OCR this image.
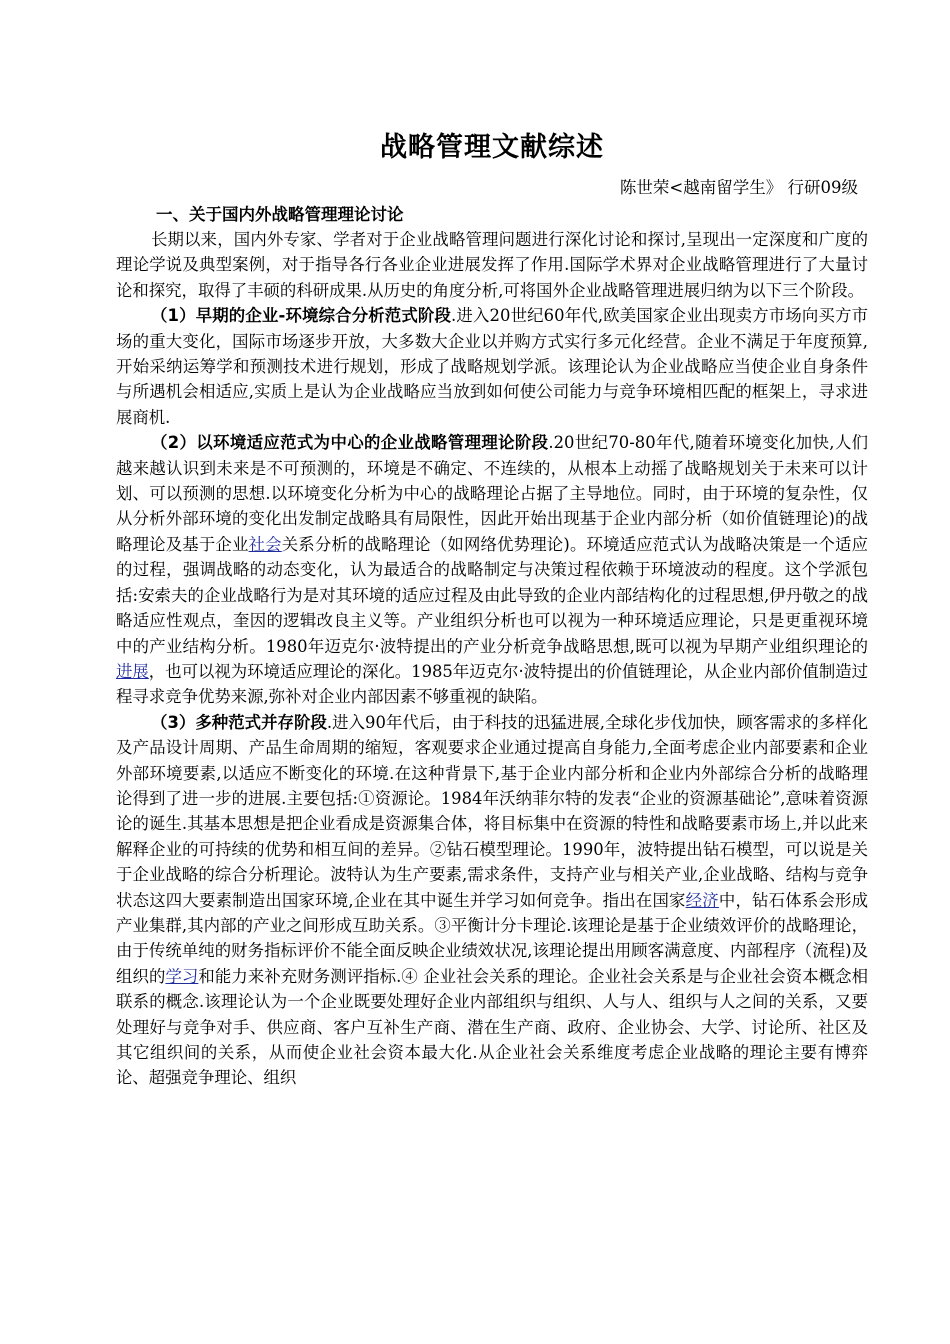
战略管理文献综述

陈世荣<越南留学生》 行研09级

一、关于国内外战略管理理论讨论

长期以来，国内外专家、学者对于企业战略管理问题进行深化讨论和探讨,呈现出一定深度和广度的理论学说及典型案例，对于指导各行各业企业进展发挥了作用.国际学术界对企业战略管理进行了大量讨论和探究，取得了丰硕的科研成果.从历史的角度分析,可将国外企业战略管理进展归纳为以下三个阶段。

（1）早期的企业-环境综合分析范式阶段.进入20世纪60年代,欧美国家企业出现卖方市场向买方市场的重大变化，国际市场逐步开放，大多数大企业以并购方式实行多元化经营。企业不满足于年度预算,开始采纳运筹学和预测技术进行规划，形成了战略规划学派。该理论认为企业战略应当使企业自身条件与所遇机会相适应,实质上是认为企业战略应当放到如何使公司能力与竞争环境相匹配的框架上，寻求进展商机.

（2）以环境适应范式为中心的企业战略管理理论阶段.20世纪70-80年代,随着环境变化加快,人们越来越认识到未来是不可预测的，环境是不确定、不连续的，从根本上动摇了战略规划关于未来可以计划、可以预测的思想.以环境变化分析为中心的战略理论占据了主导地位。同时，由于环境的复杂性，仅从分析外部环境的变化出发制定战略具有局限性，因此开始出现基于企业内部分析（如价值链理论)的战略理论及基于企业社会关系分析的战略理论（如网络优势理论)。环境适应范式认为战略决策是一个适应的过程，强调战略的动态变化，认为最适合的战略制定与决策过程依赖于环境波动的程度。这个学派包括:安索夫的企业战略行为是对其环境的适应过程及由此导致的企业内部结构化的过程思想,伊丹敬之的战略适应性观点，奎因的逻辑改良主义等。产业组织分析也可以视为一种环境适应理论，只是更重视环境中的产业结构分析。1980年迈克尔·波特提出的产业分析竞争战略思想,既可以视为早期产业组织理论的进展，也可以视为环境适应理论的深化。1985年迈克尔·波特提出的价值链理论，从企业内部价值制造过程寻求竞争优势来源,弥补对企业内部因素不够重视的缺陷。

（3）多种范式并存阶段.进入90年代后，由于科技的迅猛进展,全球化步伐加快，顾客需求的多样化及产品设计周期、产品生命周期的缩短，客观要求企业通过提高自身能力,全面考虑企业内部要素和企业外部环境要素,以适应不断变化的环境.在这种背景下,基于企业内部分析和企业内外部综合分析的战略理论得到了进一步的进展.主要包括:①资源论。1984年沃纳菲尔特的发表“企业的资源基础论”,意味着资源论的诞生.其基本思想是把企业看成是资源集合体，将目标集中在资源的特性和战略要素市场上,并以此来解释企业的可持续的优势和相互间的差异。②钻石模型理论。1990年，波特提出钻石模型，可以说是关于企业战略的综合分析理论。波特认为生产要素,需求条件，支持产业与相关产业,企业战略、结构与竞争状态这四大要素制造出国家环境,企业在其中诞生并学习如何竞争。指出在国家经济中，钻石体系会形成产业集群,其内部的产业之间形成互助关系。③平衡计分卡理论.该理论是基于企业绩效评价的战略理论，由于传统单纯的财务指标评价不能全面反映企业绩效状况,该理论提出用顾客满意度、内部程序（流程)及组织的学习和能力来补充财务测评指标.④ 企业社会关系的理论。企业社会关系是与企业社会资本概念相联系的概念.该理论认为一个企业既要处理好企业内部组织与组织、人与人、组织与人之间的关系，又要处理好与竞争对手、供应商、客户互补生产商、潜在生产商、政府、企业协会、大学、讨论所、社区及其它组织间的关系，从而使企业社会资本最大化.从企业社会关系维度考虑企业战略的理论主要有博弈论、超强竞争理论、组织
